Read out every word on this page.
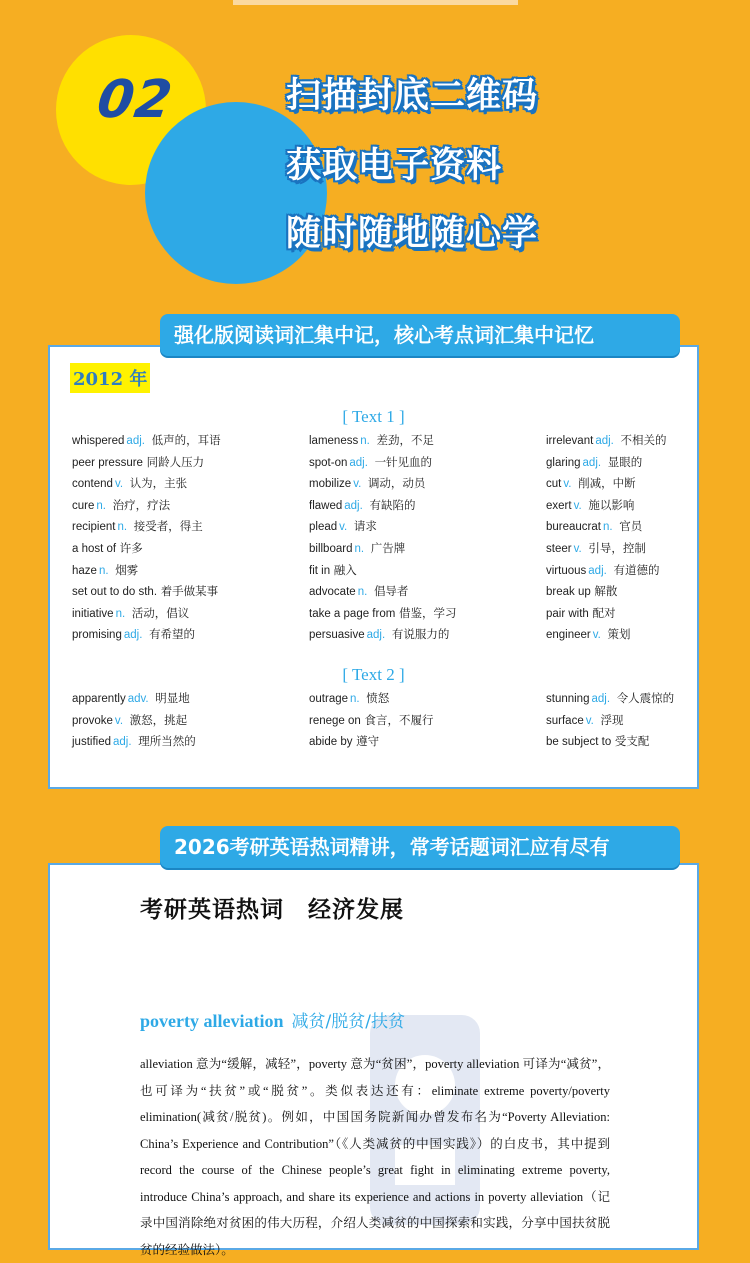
02	扫描封底二维码
获取电子资料
随时随地随心学
2012 年
[ Text 1 ]
whispered adj. 低声的，耳语
peer pressure 同龄人压力
contend v. 认为，主张
cure n. 治疗，疗法
recipient n. 接受者，得主
a host of 许多
haze n. 烟雾
set out to do sth. 着手做某事
initiative n. 活动，倡议
promising adj. 有希望的
lameness n. 差劲，不足
spot-on adj. 一针见血的
mobilize v. 调动，动员
flawed adj. 有缺陷的
plead v. 请求
billboard n. 广告牌
fit in 融入
advocate n. 倡导者
take a page from 借鉴，学习
persuasive adj. 有说服力的
irrelevant adj. 不相关的
glaring adj. 显眼的
cut v. 削减，中断
exert v. 施以影响
bureaucrat n. 官员
steer v. 引导，控制
virtuous adj. 有道德的
break up 解散
pair with 配对
engineer v. 策划
[ Text 2 ]
apparently adv. 明显地
provoke v. 激怒，挑起
justified adj. 理所当然的
outrage n. 愤怒
renege on 食言，不履行
abide by 遵守
stunning adj. 令人震惊的
surface v. 浮现
be subject to 受支配
强化版阅读词汇集中记，核心考点词汇集中记忆
考研英语热词　经济发展
poverty alleviation 减贫/脱贫/扶贫
alleviation 意为“缓解，减轻”，poverty 意为“贫困”，poverty alleviation 可译为“减贫”，也可译为“扶贫”或“脱贫”。类似表达还有：eliminate extreme poverty/poverty elimination(减贫/脱贫)。例如，中国国务院新闻办曾发布名为“Poverty Alleviation: China’s Experience and Contribution”（《人类减贫的中国实践》）的白皮书，其中提到 record the course of the Chinese people’s great fight in eliminating extreme poverty, introduce China’s approach, and share its experience and actions in poverty alleviation（记录中国消除绝对贫困的伟大历程，介绍人类减贫的中国探索和实践，分享中国扶贫脱贫的经验做法）。
2026考研英语热词精讲，常考话题词汇应有尽有
